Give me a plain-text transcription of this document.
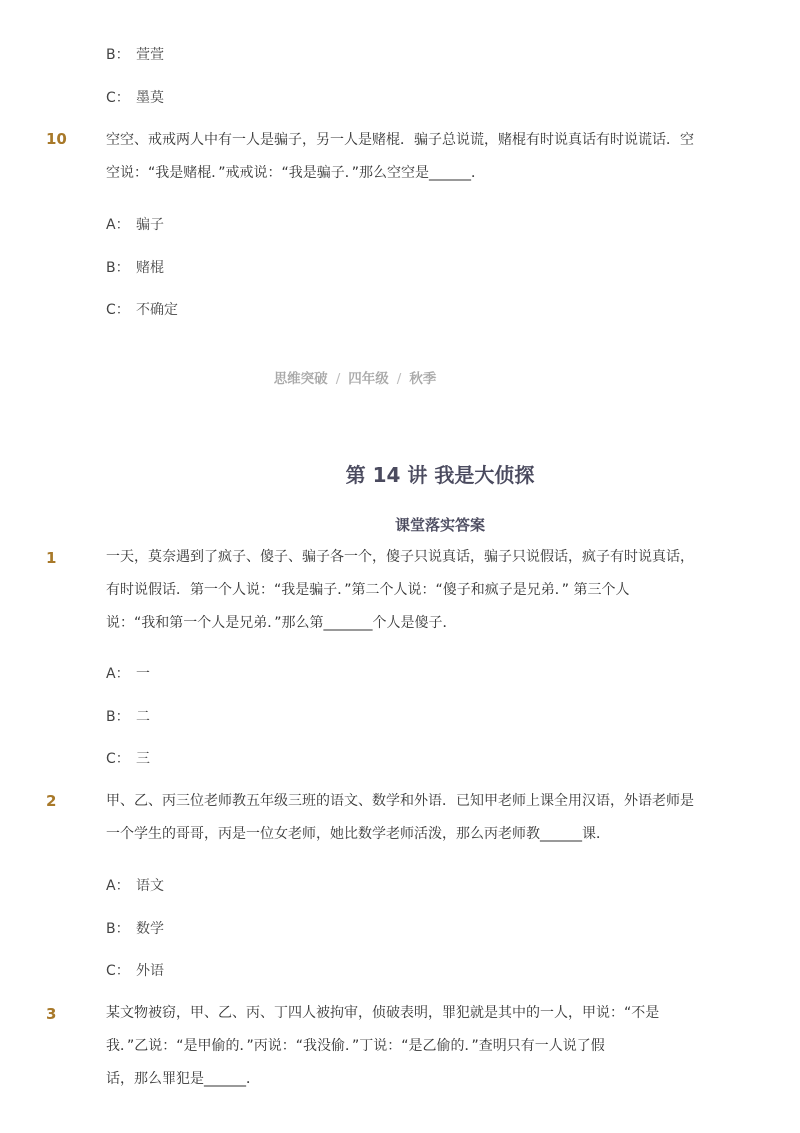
B： 萱萱
C： 墨莫
10	空空、戒戒两人中有一人是骗子，另一人是赌棍．骗子总说谎，赌棍有时说真话有时说谎话．空
空说：“我是赌棍．”戒戒说：“我是骗子．”那么空空是______．
A： 骗子
B： 赌棍
C： 不确定
思维突破 / 四年级 / 秋季
第 14 讲 我是大侦探
课堂落实答案
1	一天，莫奈遇到了疯子、傻子、骗子各一个，傻子只说真话，骗子只说假话，疯子有时说真话，
有时说假话．第一个人说：“我是骗子．”第二个人说：“傻子和疯子是兄弟．” 第三个人
说：“我和第一个人是兄弟．”那么第_______个人是傻子．
A： 一
B： 二
C： 三
2	甲、乙、丙三位老师教五年级三班的语文、数学和外语．已知甲老师上课全用汉语，外语老师是
一个学生的哥哥，丙是一位女老师，她比数学老师活泼，那么丙老师教______课．
A： 语文
B： 数学
C： 外语
3	某文物被窃，甲、乙、丙、丁四人被拘审，侦破表明，罪犯就是其中的一人，甲说：“不是
我．”乙说：“是甲偷的．”丙说：“我没偷．”丁说：“是乙偷的．”查明只有一人说了假
话，那么罪犯是______．
